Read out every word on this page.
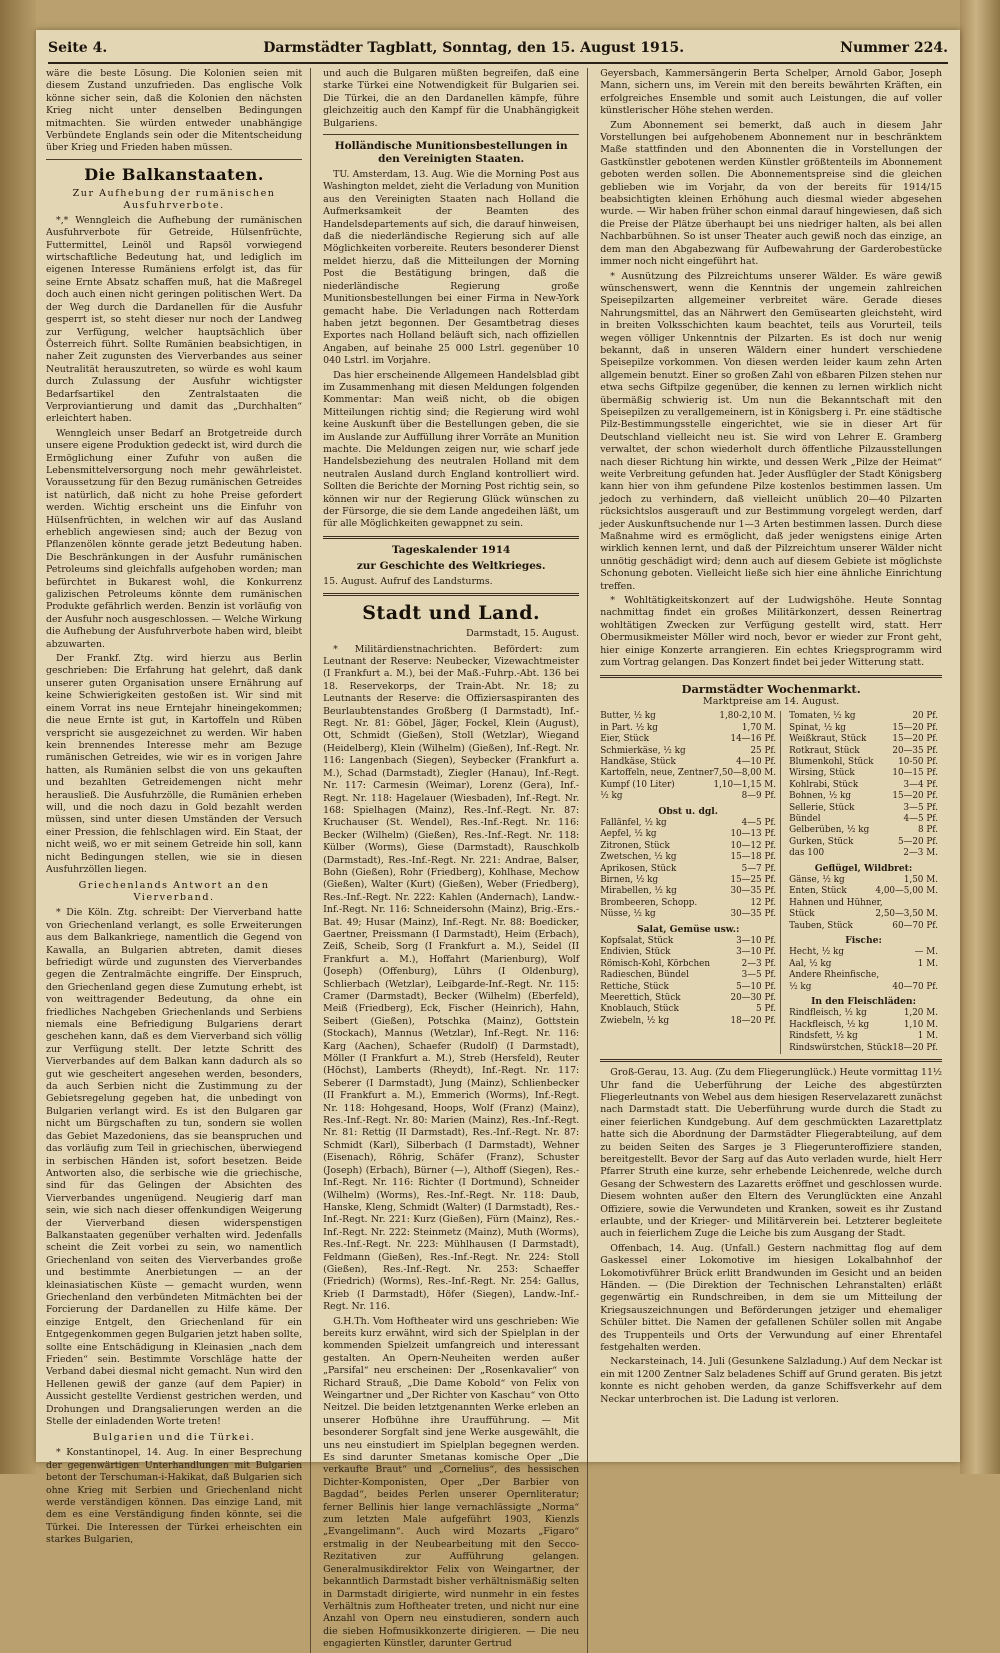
Seite 4.	Darmstädter Tagblatt, Sonntag, den 15. August 1915.	Nummer 224.

wäre die beste Lösung. Die Kolonien seien mit diesem Zustand unzufrieden. Das englische Volk könne sicher sein, daß die Kolonien den nächsten Krieg nicht unter denselben Bedingungen mitmachten. Sie würden entweder unabhängige Verbündete Englands sein oder die Mitentscheidung über Krieg und Frieden haben müssen.

Die Balkanstaaten.
Zur Aufhebung der rumänischen Ausfuhrverbote.

*,* Wenngleich die Aufhebung der rumänischen Ausfuhrverbote für Getreide, Hülsenfrüchte, Futtermittel, Leinöl und Rapsöl vorwiegend wirtschaftliche Bedeutung hat, und lediglich im eigenen Interesse Rumäniens erfolgt ist, das für seine Ernte Absatz schaffen muß, hat die Maßregel doch auch einen nicht geringen politischen Wert. Da der Weg durch die Dardanellen für die Ausfuhr gesperrt ist, so steht dieser nur noch der Landweg zur Verfügung, welcher hauptsächlich über Österreich führt. Sollte Rumänien beabsichtigen, in naher Zeit zugunsten des Vierverbandes aus seiner Neutralität herauszutreten, so würde es wohl kaum durch Zulassung der Ausfuhr wichtigster Bedarfsartikel den Zentralstaaten die Verproviantierung und damit das „Durchhalten“ erleichtert haben.

Wenngleich unser Bedarf an Brotgetreide durch unsere eigene Produktion gedeckt ist, wird durch die Ermöglichung einer Zufuhr von außen die Lebensmittelversorgung noch mehr gewährleistet. Voraussetzung für den Bezug rumänischen Getreides ist natürlich, daß nicht zu hohe Preise gefordert werden. Wichtig erscheint uns die Einfuhr von Hülsenfrüchten, in welchen wir auf das Ausland erheblich angewiesen sind; auch der Bezug von Pflanzenölen könnte gerade jetzt Bedeutung haben. Die Beschränkungen in der Ausfuhr rumänischen Petroleums sind gleichfalls aufgehoben worden; man befürchtet in Bukarest wohl, die Konkurrenz galizischen Petroleums könnte dem rumänischen Produkte gefährlich werden. Benzin ist vorläufig von der Ausfuhr noch ausgeschlossen. — Welche Wirkung die Aufhebung der Ausfuhrverbote haben wird, bleibt abzuwarten.

Der Frankf. Ztg. wird hierzu aus Berlin geschrieben: Die Erfahrung hat gelehrt, daß dank unserer guten Organisation unsere Ernährung auf keine Schwierigkeiten gestoßen ist. Wir sind mit einem Vorrat ins neue Erntejahr hineingekommen; die neue Ernte ist gut, in Kartoffeln und Rüben verspricht sie ausgezeichnet zu werden. Wir haben kein brennendes Interesse mehr am Bezuge rumänischen Getreides, wie wir es in vorigen Jahre hatten, als Rumänien selbst die von uns gekauften und bezahlten Getreidemengen nicht mehr herausließ. Die Ausfuhrzölle, die Rumänien erheben will, und die noch dazu in Gold bezahlt werden müssen, sind unter diesen Umständen der Versuch einer Pression, die fehlschlagen wird. Ein Staat, der nicht weiß, wo er mit seinem Getreide hin soll, kann nicht Bedingungen stellen, wie sie in diesen Ausfuhrzöllen liegen.

Griechenlands Antwort an den Vierverband.

* Die Köln. Ztg. schreibt: Der Vierverband hatte von Griechenland verlangt, es solle Erweiterungen aus dem Balkankriege, namentlich die Gegend von Kawalla, an Bulgarien abtreten, damit dieses befriedigt würde und zugunsten des Vierverbandes gegen die Zentralmächte eingriffe. Der Einspruch, den Griechenland gegen diese Zumutung erhebt, ist von weittragender Bedeutung, da ohne ein friedliches Nachgeben Griechenlands und Serbiens niemals eine Befriedigung Bulgariens derart geschehen kann, daß es dem Vierverband sich völlig zur Verfügung stellt. Der letzte Schritt des Vierverbandes auf dem Balkan kann dadurch als so gut wie gescheitert angesehen werden, besonders, da auch Serbien nicht die Zustimmung zu der Gebietsregelung gegeben hat, die unbedingt von Bulgarien verlangt wird. Es ist den Bulgaren gar nicht um Bürgschaften zu tun, sondern sie wollen das Gebiet Mazedoniens, das sie beanspruchen und das vorläufig zum Teil in griechischen, überwiegend in serbischen Händen ist, sofort besetzen. Beide Antworten also, die serbische wie die griechische, sind für das Gelingen der Absichten des Vierverbandes ungenügend. Neugierig darf man sein, wie sich nach dieser offenkundigen Weigerung der Vierverband diesen widerspenstigen Balkanstaaten gegenüber verhalten wird. Jedenfalls scheint die Zeit vorbei zu sein, wo namentlich Griechenland von seiten des Vierverbandes große und bestimmte Anerbietungen — an der kleinasiatischen Küste — gemacht wurden, wenn Griechenland den verbündeten Mitmächten bei der Forcierung der Dardanellen zu Hilfe käme. Der einzige Entgelt, den Griechenland für ein Entgegenkommen gegen Bulgarien jetzt haben sollte, sollte eine Entschädigung in Kleinasien „nach dem Frieden“ sein. Bestimmte Vorschläge hatte der Verband dabei diesmal nicht gemacht. Nun wird den Hellenen gewiß der ganze (auf dem Papier) in Aussicht gestellte Verdienst gestrichen werden, und Drohungen und Drangsalierungen werden an die Stelle der einladenden Worte treten!

Bulgarien und die Türkei.

* Konstantinopel, 14. Aug. In einer Besprechung der gegenwärtigen Unterhandlungen mit Bulgarien betont der Terschuman-i-Hakikat, daß Bulgarien sich ohne Krieg mit Serbien und Griechenland nicht werde verständigen können. Das einzige Land, mit dem es eine Verständigung finden könnte, sei die Türkei. Die Interessen der Türkei erheischten ein starkes Bulgarien,

und auch die Bulgaren müßten begreifen, daß eine starke Türkei eine Notwendigkeit für Bulgarien sei. Die Türkei, die an den Dardanellen kämpfe, führe gleichzeitig auch den Kampf für die Unabhängigkeit Bulgariens.

Holländische Munitionsbestellungen in den Vereinigten Staaten.

TU. Amsterdam, 13. Aug. Wie die Morning Post aus Washington meldet, zieht die Verladung von Munition aus den Vereinigten Staaten nach Holland die Aufmerksamkeit der Beamten des Handelsdepartements auf sich, die darauf hinweisen, daß die niederländische Regierung sich auf alle Möglichkeiten vorbereite. Reuters besonderer Dienst meldet hierzu, daß die Mitteilungen der Morning Post die Bestätigung bringen, daß die niederländische Regierung große Munitionsbestellungen bei einer Firma in New-York gemacht habe. Die Verladungen nach Rotterdam haben jetzt begonnen. Der Gesamtbetrag dieses Exportes nach Holland beläuft sich, nach offiziellen Angaben, auf beinahe 25 000 Lstrl. gegenüber 10 040 Lstrl. im Vorjahre.

Das hier erscheinende Allgemeen Handelsblad gibt im Zusammenhang mit diesen Meldungen folgenden Kommentar: Man weiß nicht, ob die obigen Mitteilungen richtig sind; die Regierung wird wohl keine Auskunft über die Bestellungen geben, die sie im Auslande zur Auffüllung ihrer Vorräte an Munition machte. Die Meldungen zeigen nur, wie scharf jede Handelsbeziehung des neutralen Holland mit dem neutralen Ausland durch England kontrolliert wird. Sollten die Berichte der Morning Post richtig sein, so können wir nur der Regierung Glück wünschen zu der Fürsorge, die sie dem Lande angedeihen läßt, um für alle Möglichkeiten gewappnet zu sein.

Tageskalender 1914
zur Geschichte des Weltkrieges.

15. August. Aufruf des Landsturms.

Stadt und Land.
Darmstadt, 15. August.

* Militärdienstnachrichten. Befördert: zum Leutnant der Reserve: Neubecker, Vizewachtmeister (I Frankfurt a. M.), bei der Maß.-Fuhrp.-Abt. 136 bei 18. Reservekorps, der Train-Abt. Nr. 18; zu Leutnants der Reserve: die Offiziersaspiranten des Beurlaubtenstandes Großberg (I Darmstadt), Inf.-Regt. Nr. 81: Göbel, Jäger, Fockel, Klein (August), Ott, Schmidt (Gießen), Stoll (Wetzlar), Wiegand (Heidelberg), Klein (Wilhelm) (Gießen), Inf.-Regt. Nr. 116: Langenbach (Siegen), Seybecker (Frankfurt a. M.), Schad (Darmstadt), Ziegler (Hanau), Inf.-Regt. Nr. 117: Carmesin (Weimar), Lorenz (Gera), Inf.-Regt. Nr. 118: Hagelauer (Wiesbaden), Inf.-Regt. Nr. 168: Spielhagen (Mainz), Res.-Inf.-Regt. Nr. 87: Kruchauser (St. Wendel), Res.-Inf.-Regt. Nr. 116: Becker (Wilhelm) (Gießen), Res.-Inf.-Regt. Nr. 118: Külber (Worms), Giese (Darmstadt), Rauschkolb (Darmstadt), Res.-Inf.-Regt. Nr. 221: Andrae, Balser, Bohn (Gießen), Rohr (Friedberg), Kohlhase, Mechow (Gießen), Walter (Kurt) (Gießen), Weber (Friedberg), Res.-Inf.-Regt. Nr. 222: Kahlen (Andernach), Landw.-Inf.-Regt. Nr. 116: Schneidersohn (Mainz), Brig.-Ers.-Bat. 49; Husar (Mainz), Inf.-Regt. Nr. 88: Boedicker, Gaertner, Preissmann (I Darmstadt), Heim (Erbach), Zeiß, Scheib, Sorg (I Frankfurt a. M.), Seidel (II Frankfurt a. M.), Hoffahrt (Marienburg), Wolf (Joseph) (Offenburg), Lührs (I Oldenburg), Schlierbach (Wetzlar), Leibgarde-Inf.-Regt. Nr. 115: Cramer (Darmstadt), Becker (Wilhelm) (Eberfeld), Meiß (Friedberg), Eck, Fischer (Heinrich), Hahn, Seibert (Gießen), Potschka (Mainz), Gottstein (Stockach), Mannus (Wetzlar), Inf.-Regt. Nr. 116: Karg (Aachen), Schaefer (Rudolf) (I Darmstadt), Möller (I Frankfurt a. M.), Streb (Hersfeld), Reuter (Höchst), Lamberts (Rheydt), Inf.-Regt. Nr. 117: Seberer (I Darmstadt), Jung (Mainz), Schlienbecker (II Frankfurt a. M.), Emmerich (Worms), Inf.-Regt. Nr. 118: Hohgesand, Hoops, Wolf (Franz) (Mainz), Res.-Inf.-Regt. Nr. 80: Marien (Mainz), Res.-Inf.-Regt. Nr. 81: Rettig (II Darmstadt), Res.-Inf.-Regt. Nr. 87: Schmidt (Karl), Silberbach (I Darmstadt), Wehner (Eisenach), Röhrig, Schäfer (Franz), Schuster (Joseph) (Erbach), Bürner (—), Althoff (Siegen), Res.-Inf.-Regt. Nr. 116: Richter (I Dortmund), Schneider (Wilhelm) (Worms), Res.-Inf.-Regt. Nr. 118: Daub, Hanske, Kleng, Schmidt (Walter) (I Darmstadt), Res.-Inf.-Regt. Nr. 221: Kurz (Gießen), Fürn (Mainz), Res.-Inf.-Regt. Nr. 222: Steinmetz (Mainz), Muth (Worms), Res.-Inf.-Regt. Nr. 223: Mühlhausen (I Darmstadt), Feldmann (Gießen), Res.-Inf.-Regt. Nr. 224: Stoll (Gießen), Res.-Inf.-Regt. Nr. 253: Schaeffer (Friedrich) (Worms), Res.-Inf.-Regt. Nr. 254: Gallus, Krieb (I Darmstadt), Höfer (Siegen), Landw.-Inf.-Regt. Nr. 116.

G.H.Th. Vom Hoftheater wird uns geschrieben: Wie bereits kurz erwähnt, wird sich der Spielplan in der kommenden Spielzeit umfangreich und interessant gestalten. An Opern-Neuheiten werden außer „Parsifal“ neu erscheinen: Der „Rosenkavalier“ von Richard Strauß, „Die Dame Kobold“ von Felix von Weingartner und „Der Richter von Kaschau“ von Otto Neitzel. Die beiden letztgenannten Werke erleben an unserer Hofbühne ihre Uraufführung. — Mit besonderer Sorgfalt sind jene Werke ausgewählt, die uns neu einstudiert im Spielplan begegnen werden. Es sind darunter Smetanas komische Oper „Die verkaufte Braut“ und „Cornelius“, des hessischen Dichter-Komponisten, Oper „Der Barbier von Bagdad“, beides Perlen unserer Opernliteratur; ferner Bellinis hier lange vernachlässigte „Norma“ zum letzten Male aufgeführt 1903, Kienzls „Evangelimann“. Auch wird Mozarts „Figaro“ erstmalig in der Neubearbeitung mit den Secco-Rezitativen zur Aufführung gelangen. Generalmusikdirektor Felix von Weingartner, der bekanntlich Darmstadt bisher verhältnismäßig selten in Darmstadt dirigierte, wird nunmehr in ein festes Verhältnis zum Hoftheater treten, und nicht nur eine Anzahl von Opern neu einstudieren, sondern auch die sieben Hofmusikkonzerte dirigieren. — Die neu engagierten Künstler, darunter Gertrud

Geyersbach, Kammersängerin Berta Schelper, Arnold Gabor, Joseph Mann, sichern uns, im Verein mit den bereits bewährten Kräften, ein erfolgreiches Ensemble und somit auch Leistungen, die auf voller künstlerischer Höhe stehen werden.

Zum Abonnement sei bemerkt, daß auch in diesem Jahr Vorstellungen bei aufgehobenem Abonnement nur in beschränktem Maße stattfinden und den Abonnenten die in Vorstellungen der Gastkünstler gebotenen werden Künstler größtenteils im Abonnement geboten werden sollen. Die Abonnementspreise sind die gleichen geblieben wie im Vorjahr, da von der bereits für 1914/15 beabsichtigten kleinen Erhöhung auch diesmal wieder abgesehen wurde. — Wir haben früher schon einmal darauf hingewiesen, daß sich die Preise der Plätze überhaupt bei uns niedriger halten, als bei allen Nachbarbühnen. So ist unser Theater auch gewiß noch das einzige, an dem man den Abgabezwang für Aufbewahrung der Garderobestücke immer noch nicht eingeführt hat.

* Ausnützung des Pilzreichtums unserer Wälder. Es wäre gewiß wünschenswert, wenn die Kenntnis der ungemein zahlreichen Speisepilzarten allgemeiner verbreitet wäre. Gerade dieses Nahrungsmittel, das an Nährwert den Gemüsearten gleichsteht, wird in breiten Volksschichten kaum beachtet, teils aus Vorurteil, teils wegen völliger Unkenntnis der Pilzarten. Es ist doch nur wenig bekannt, daß in unseren Wäldern einer hundert verschiedene Speisepilze vorkommen. Von diesen werden leider kaum zehn Arten allgemein benutzt. Einer so großen Zahl von eßbaren Pilzen stehen nur etwa sechs Giftpilze gegenüber, die kennen zu lernen wirklich nicht übermäßig schwierig ist. Um nun die Bekanntschaft mit den Speisepilzen zu verallgemeinern, ist in Königsberg i. Pr. eine städtische Pilz-Bestimmungsstelle eingerichtet, wie sie in dieser Art für Deutschland vielleicht neu ist. Sie wird von Lehrer E. Gramberg verwaltet, der schon wiederholt durch öffentliche Pilzausstellungen nach dieser Richtung hin wirkte, und dessen Werk „Pilze der Heimat“ weite Verbreitung gefunden hat. Jeder Ausflügler der Stadt Königsberg kann hier von ihm gefundene Pilze kostenlos bestimmen lassen. Um jedoch zu verhindern, daß vielleicht unüblich 20—40 Pilzarten rücksichtslos ausgerauft und zur Bestimmung vorgelegt werden, darf jeder Auskunftsuchende nur 1—3 Arten bestimmen lassen. Durch diese Maßnahme wird es ermöglicht, daß jeder wenigstens einige Arten wirklich kennen lernt, und daß der Pilzreichtum unserer Wälder nicht unnötig geschädigt wird; denn auch auf diesem Gebiete ist möglichste Schonung geboten. Vielleicht ließe sich hier eine ähnliche Einrichtung treffen.

* Wohltätigkeitskonzert auf der Ludwigshöhe. Heute Sonntag nachmittag findet ein großes Militärkonzert, dessen Reinertrag wohltätigen Zwecken zur Verfügung gestellt wird, statt. Herr Obermusikmeister Möller wird noch, bevor er wieder zur Front geht, hier einige Konzerte arrangieren. Ein echtes Kriegsprogramm wird zum Vortrag gelangen. Das Konzert findet bei jeder Witterung statt.

Darmstädter Wochenmarkt.
Marktpreise am 14. August.
Butter, ½ kg	1,80-2,10 M.
in Part. ½ kg	1,70 M.
Eier, Stück	14—16 Pf.
Schmierkäse, ½ kg	25 Pf.
Handkäse, Stück	4—10 Pf.
Kartoffeln, neue, Zentner 7,50—8,00 M.
Kumpf (10 Liter)	1,10—1,15 M.
½ kg	8—9 Pf.
Obst u. dgl.
Fallänfel, ½ kg	4—5 Pf.
Aepfel, ½ kg	10—13 Pf.
Zitronen, Stück	10—12 Pf.
Zwetschen, ½ kg	15—18 Pf.
Aprikosen, Stück	5—7 Pf.
Birnen, ½ kg	15—25 Pf.
Mirabellen, ½ kg	30—35 Pf.
Brombeeren, Schopp.	12 Pf.
Nüsse, ½ kg	30—35 Pf.
Salat, Gemüse usw.:
Kopfsalat, Stück	3—10 Pf.
Endivien, Stück	3—10 Pf.
Römisch-Kohl, Körbchen	2—3 Pf.
Radieschen, Bündel	3—5 Pf.
Rettiche, Stück	5—10 Pf.
Meerettich, Stück	20—30 Pf.
Knoblauch, Stück	5 Pf.
Zwiebeln, ½ kg	18—20 Pf.
Tomaten, ½ kg	20 Pf.
Spinat, ½ kg	15—20 Pf.
Weißkraut, Stück	15—20 Pf.
Rotkraut, Stück	20—35 Pf.
Blumenkohl, Stück	10-50 Pf.
Wirsing, Stück	10—15 Pf.
Kohlrabi, Stück	3—4 Pf.
Bohnen, ½ kg	15—20 Pf.
Sellerie, Stück	3—5 Pf.
Bündel	4—5 Pf.
Gelberüben, ½ kg	8 Pf.
Gurken, Stück	5—20 Pf.
das 100	2—3 M.
Geflügel, Wildbret:
Gänse, ½ kg	1,50 M.
Enten, Stück	4,00—5,00 M.
Hahnen und Hühner,
Stück	2,50—3,50 M.
Tauben, Stück	60—70 Pf.
Fische:
Hecht, ½ kg	— M.
Aal, ½ kg	1 M.
Andere Rheinfische,
½ kg	40—70 Pf.
In den Fleischläden:
Rindfleisch, ½ kg	1,20 M.
Hackfleisch, ½ kg	1,10 M.
Rindsfett, ½ kg	1 M.
Rindswürstchen, Stück 18—20 Pf.

Groß-Gerau, 13. Aug. (Zu dem Fliegerunglück.) Heute vormittag 11½ Uhr fand die Ueberführung der Leiche des abgestürzten Fliegerleutnants von Webel aus dem hiesigen Reservelazarett zunächst nach Darmstadt statt. Die Ueberführung wurde durch die Stadt zu einer feierlichen Kundgebung. Auf dem geschmückten Lazarettplatz hatte sich die Abordnung der Darmstädter Fliegerabteilung, auf dem zu beiden Seiten des Sarges je 3 Fliegerunteroffiziere standen, bereitgestellt. Bevor der Sarg auf das Auto verladen wurde, hielt Herr Pfarrer Struth eine kurze, sehr erhebende Leichenrede, welche durch Gesang der Schwestern des Lazaretts eröffnet und geschlossen wurde. Diesem wohnten außer den Eltern des Verunglückten eine Anzahl Offiziere, sowie die Verwundeten und Kranken, soweit es ihr Zustand erlaubte, und der Krieger- und Militärverein bei. Letzterer begleitete auch in feierlichem Zuge die Leiche bis zum Ausgang der Stadt.

Offenbach, 14. Aug. (Unfall.) Gestern nachmittag flog auf dem Gaskessel einer Lokomotive im hiesigen Lokalbahnhof der Lokomotivführer Brück erlitt Brandwunden im Gesicht und an beiden Händen. — (Die Direktion der Technischen Lehranstalten) erläßt gegenwärtig ein Rundschreiben, in dem sie um Mitteilung der Kriegsauszeichnungen und Beförderungen jetziger und ehemaliger Schüler bittet. Die Namen der gefallenen Schüler sollen mit Angabe des Truppenteils und Orts der Verwundung auf einer Ehrentafel festgehalten werden.

Neckarsteinach, 14. Juli (Gesunkene Salzladung.) Auf dem Neckar ist ein mit 1200 Zentner Salz beladenes Schiff auf Grund geraten. Bis jetzt konnte es nicht gehoben werden, da ganze Schiffsverkehr auf dem Neckar unterbrochen ist. Die Ladung ist verloren.
